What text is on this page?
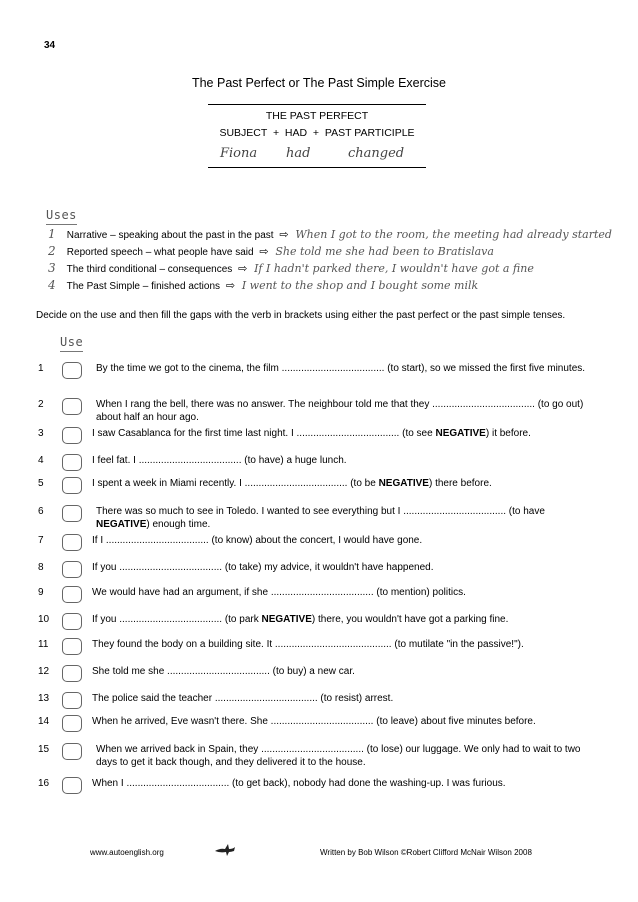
34
The Past Perfect or The Past Simple Exercise
THE PAST PERFECT
SUBJECT  +  HAD  +  PAST PARTICIPLE
Fiona had	changed
Uses
1 Narrative – speaking about the past in the past ⇨ When I got to the room, the meeting had already started
2 Reported speech – what people have said ⇨ She told me she had been to Bratislava
3 The third conditional – consequences ⇨ If I hadn't parked there, I wouldn't have got a fine
4 The Past Simple – finished actions ⇨ I went to the shop and I bought some milk
Decide on the use and then fill the gaps with the verb in brackets using either the past perfect or the past simple tenses.
Use
1	By the time we got to the cinema, the film ..................................... (to start), so we missed the first five minutes.
2	When I rang the bell, there was no answer. The neighbour told me that they ..................................... (to go out) about half an hour ago.
3	I saw Casablanca for the first time last night. I ..................................... (to see NEGATIVE) it before.
4	I feel fat. I ..................................... (to have) a huge lunch.
5	I spent a week in Miami recently. I ..................................... (to be NEGATIVE) there before.
6	There was so much to see in Toledo. I wanted to see everything but I ..................................... (to have NEGATIVE) enough time.
7	If I ..................................... (to know) about the concert, I would have gone.
8	If you ..................................... (to take) my advice, it wouldn't have happened.
9	We would have had an argument, if she ..................................... (to mention) politics.
10	If you ..................................... (to park NEGATIVE) there, you wouldn't have got a parking fine.
11	They found the body on a building site. It .......................................... (to mutilate "in the passive!").
12	She told me she ..................................... (to buy) a new car.
13	The police said the teacher ..................................... (to resist) arrest.
14	When he arrived, Eve wasn't there. She ..................................... (to leave) about five minutes before.
15	When we arrived back in Spain, they ..................................... (to lose) our luggage. We only had to wait to two days to get it back though, and they delivered it to the house.
16	When I ..................................... (to get back), nobody had done the washing-up. I was furious.
www.autoenglish.org	Written by Bob Wilson ©Robert Clifford McNair Wilson 2008
